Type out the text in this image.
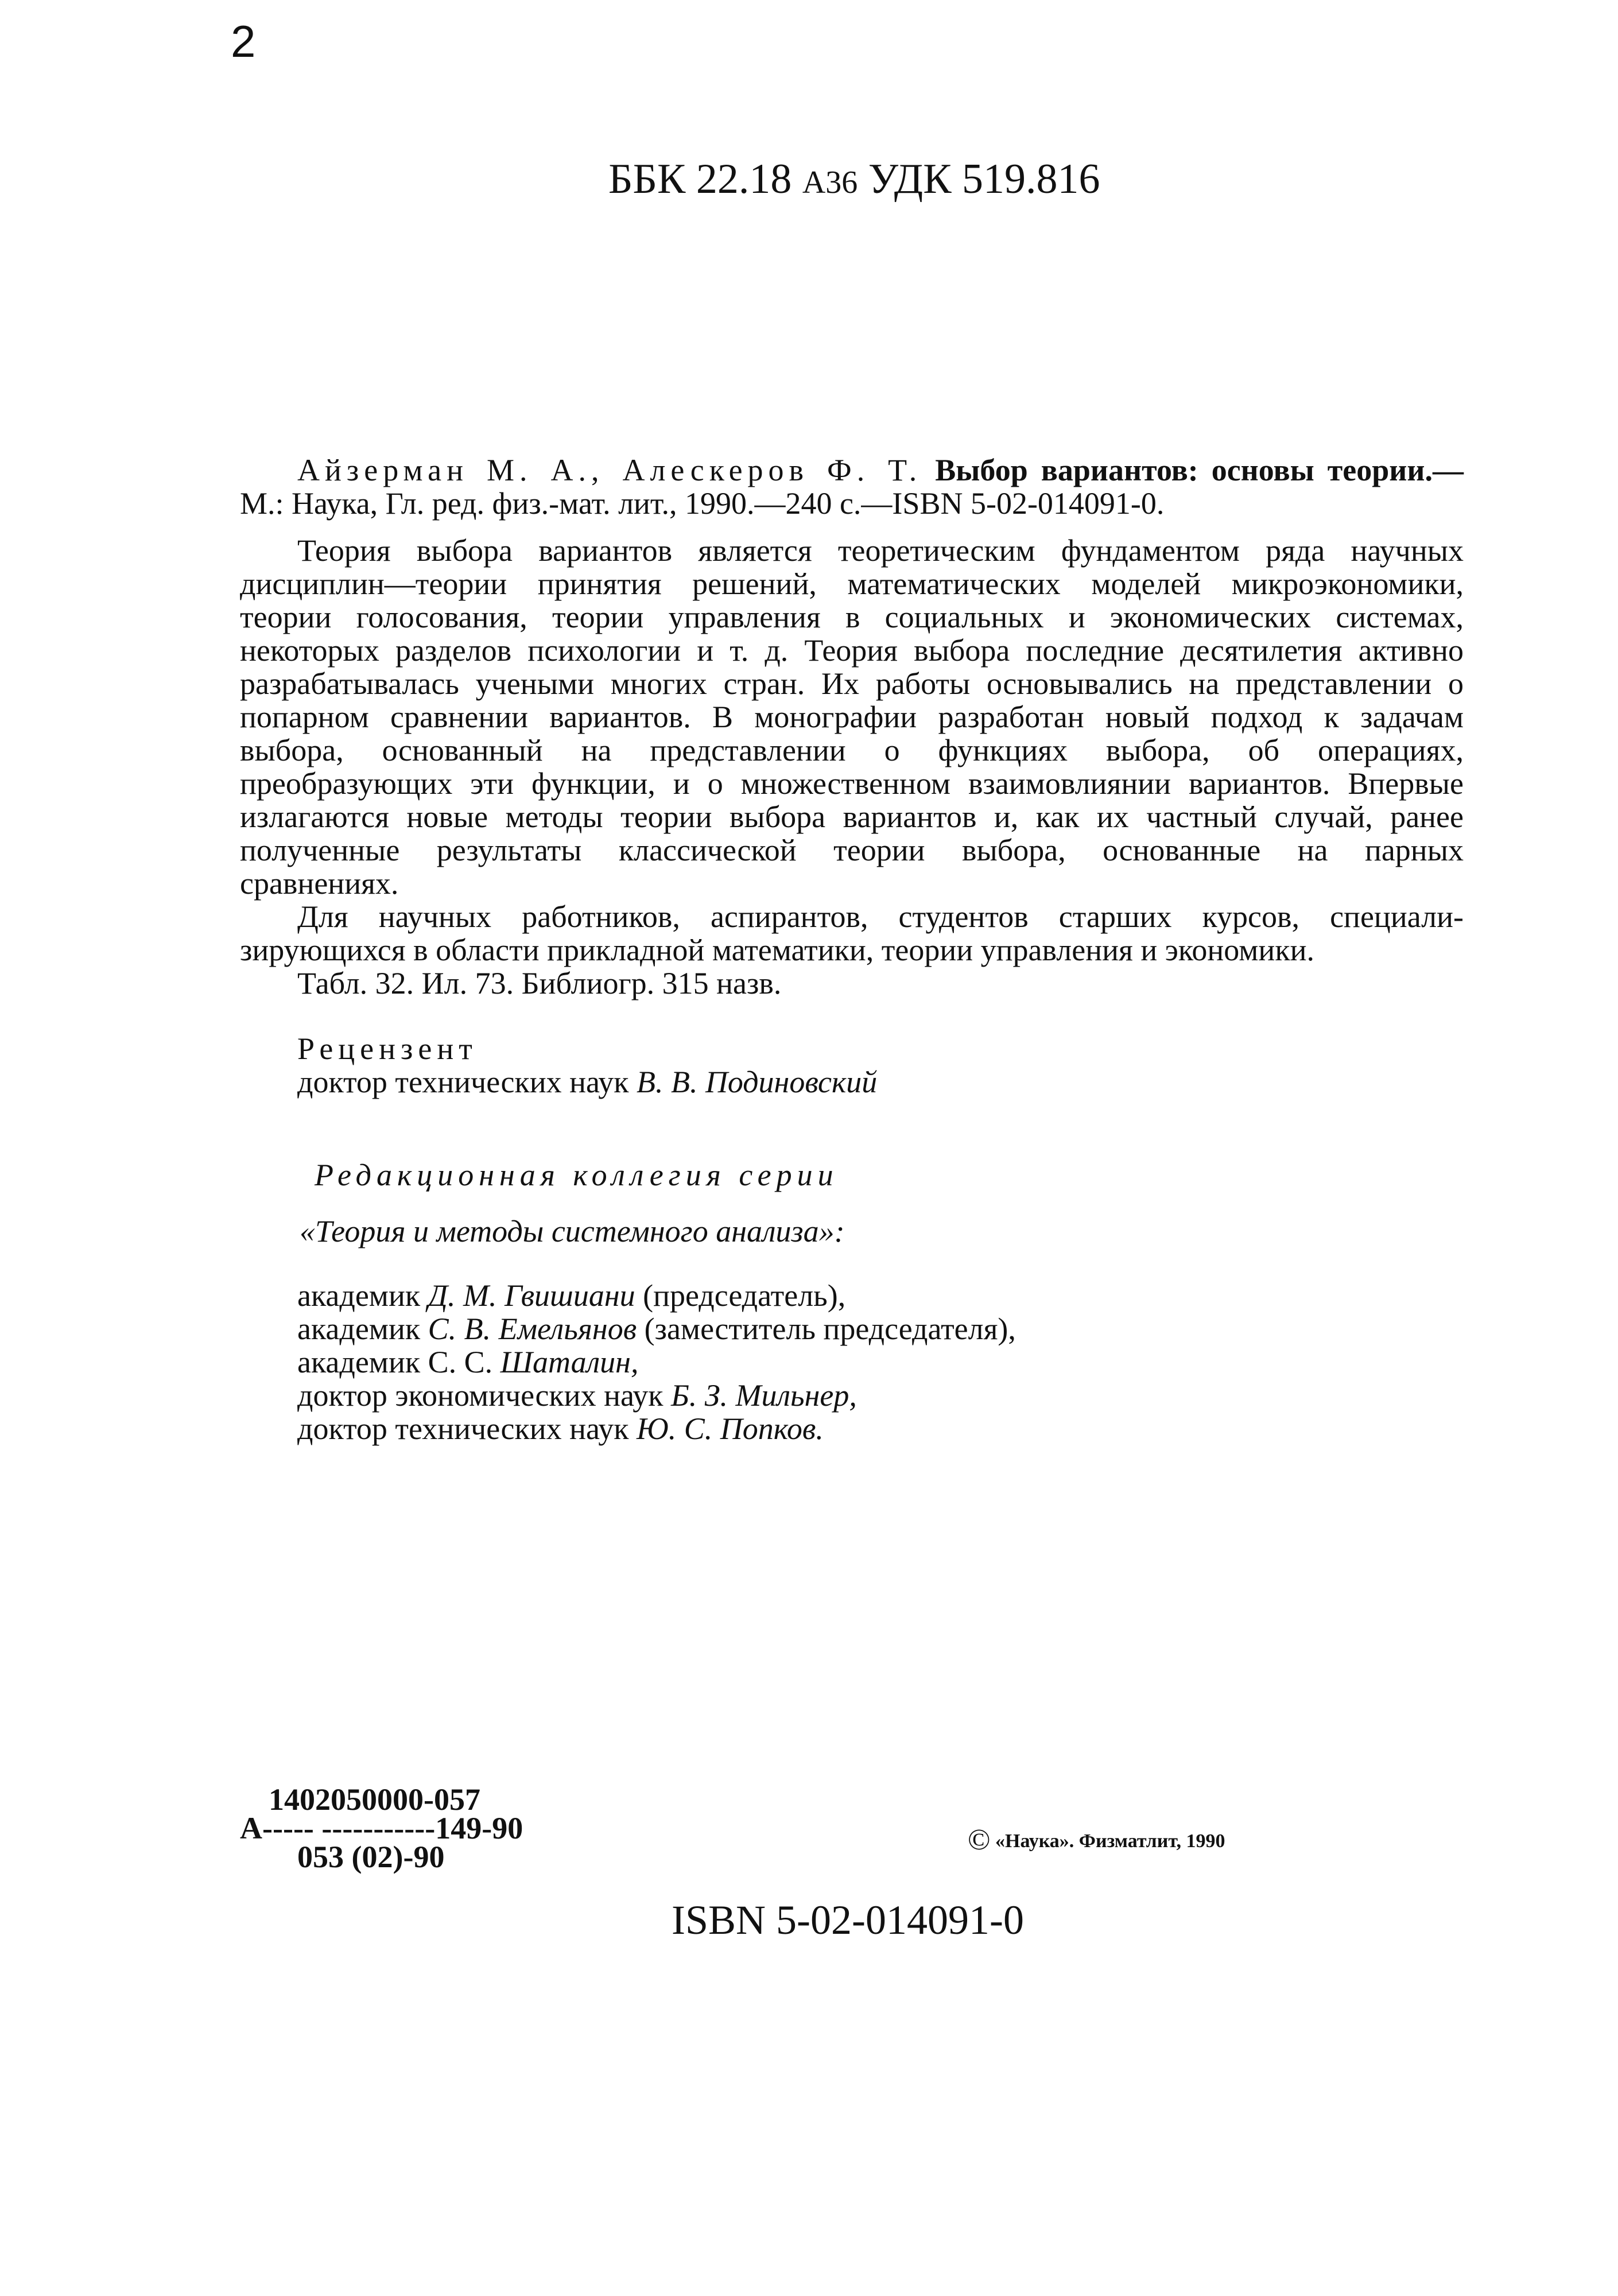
2
ББК 22.18 А36 УДК 519.816
Айзерман М. А., Алескеров Ф. Т. Выбор вариантов: основы теории.—
М.: Наука, Гл. ред. физ.-мат. лит., 1990.—240 с.—ISBN 5-02-014091-0.
Теория выбора вариантов является теоретическим фундаментом ряда научных
дисциплин—теории принятия решений, математических моделей микроэкономики,
теории голосования, теории управления в социальных и экономических системах,
некоторых разделов психологии и т. д. Теория выбора последние десятилетия активно
разрабатывалась учеными многих стран. Их работы основывались на представлении о
попарном сравнении вариантов. В монографии разработан новый подход к задачам
выбора, основанный на представлении о функциях выбора, об операциях,
преобразующих эти функции, и о множественном взаимовлиянии вариантов. Впервые
излагаются новые методы теории выбора вариантов и, как их частный случай, ранее
полученные результаты классической теории выбора, основанные на парных
сравнениях.
Для научных работников, аспирантов, студентов старших курсов, специали-
зирующихся в области прикладной математики, теории управления и экономики.
Табл. 32. Ил. 73. Библиогр. 315 назв.
Рецензент
доктор технических наук В. В. Подиновский
Редакционная коллегия серии
«Теория и методы системного анализа»:
академик Д. М. Гвишиани (председатель),
академик С. В. Емельянов (заместитель председателя),
академик С. С. Шаталин,
доктор экономических наук Б. З. Мильнер,
доктор технических наук Ю. С. Попков.
1402050000-057
А----- -----------149-90
053 (02)-90	© «Наука». Физматлит, 1990
ISBN 5-02-014091-0
